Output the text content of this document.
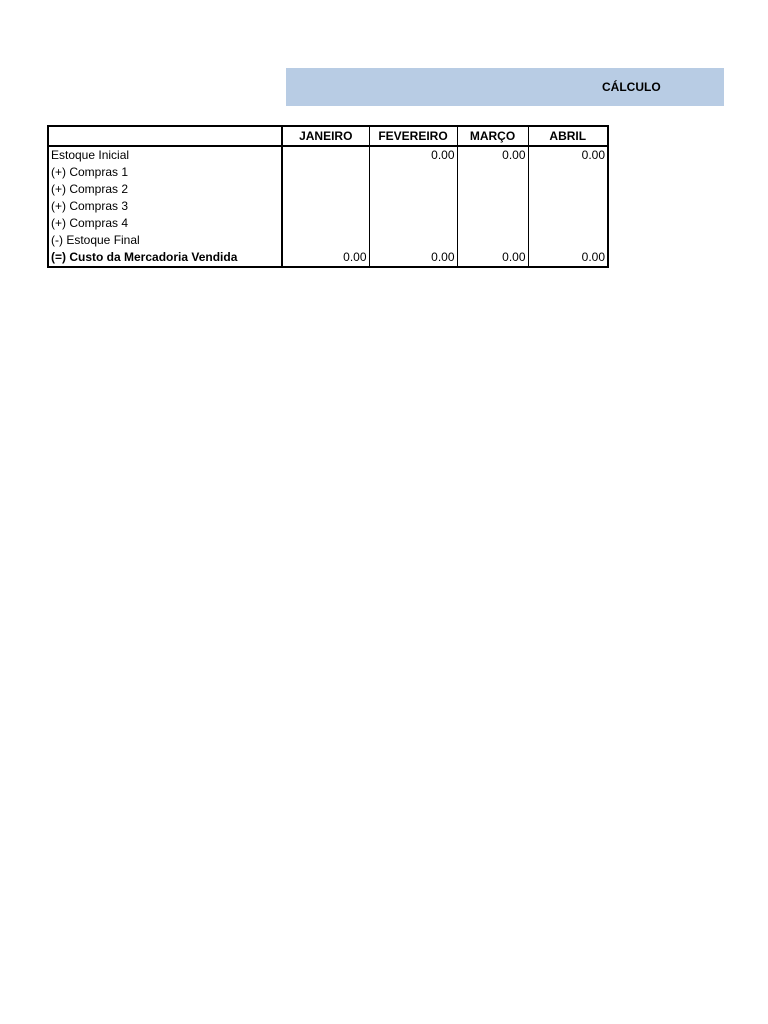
CÁLCULO
	JANEIRO	FEVEREIRO	MARÇO	ABRIL
Estoque Inicial		0.00	0.00	0.00
(+) Compras 1				
(+) Compras 2				
(+) Compras 3				
(+) Compras 4				
(-) Estoque Final				
(=) Custo da Mercadoria Vendida	0.00	0.00	0.00	0.00
